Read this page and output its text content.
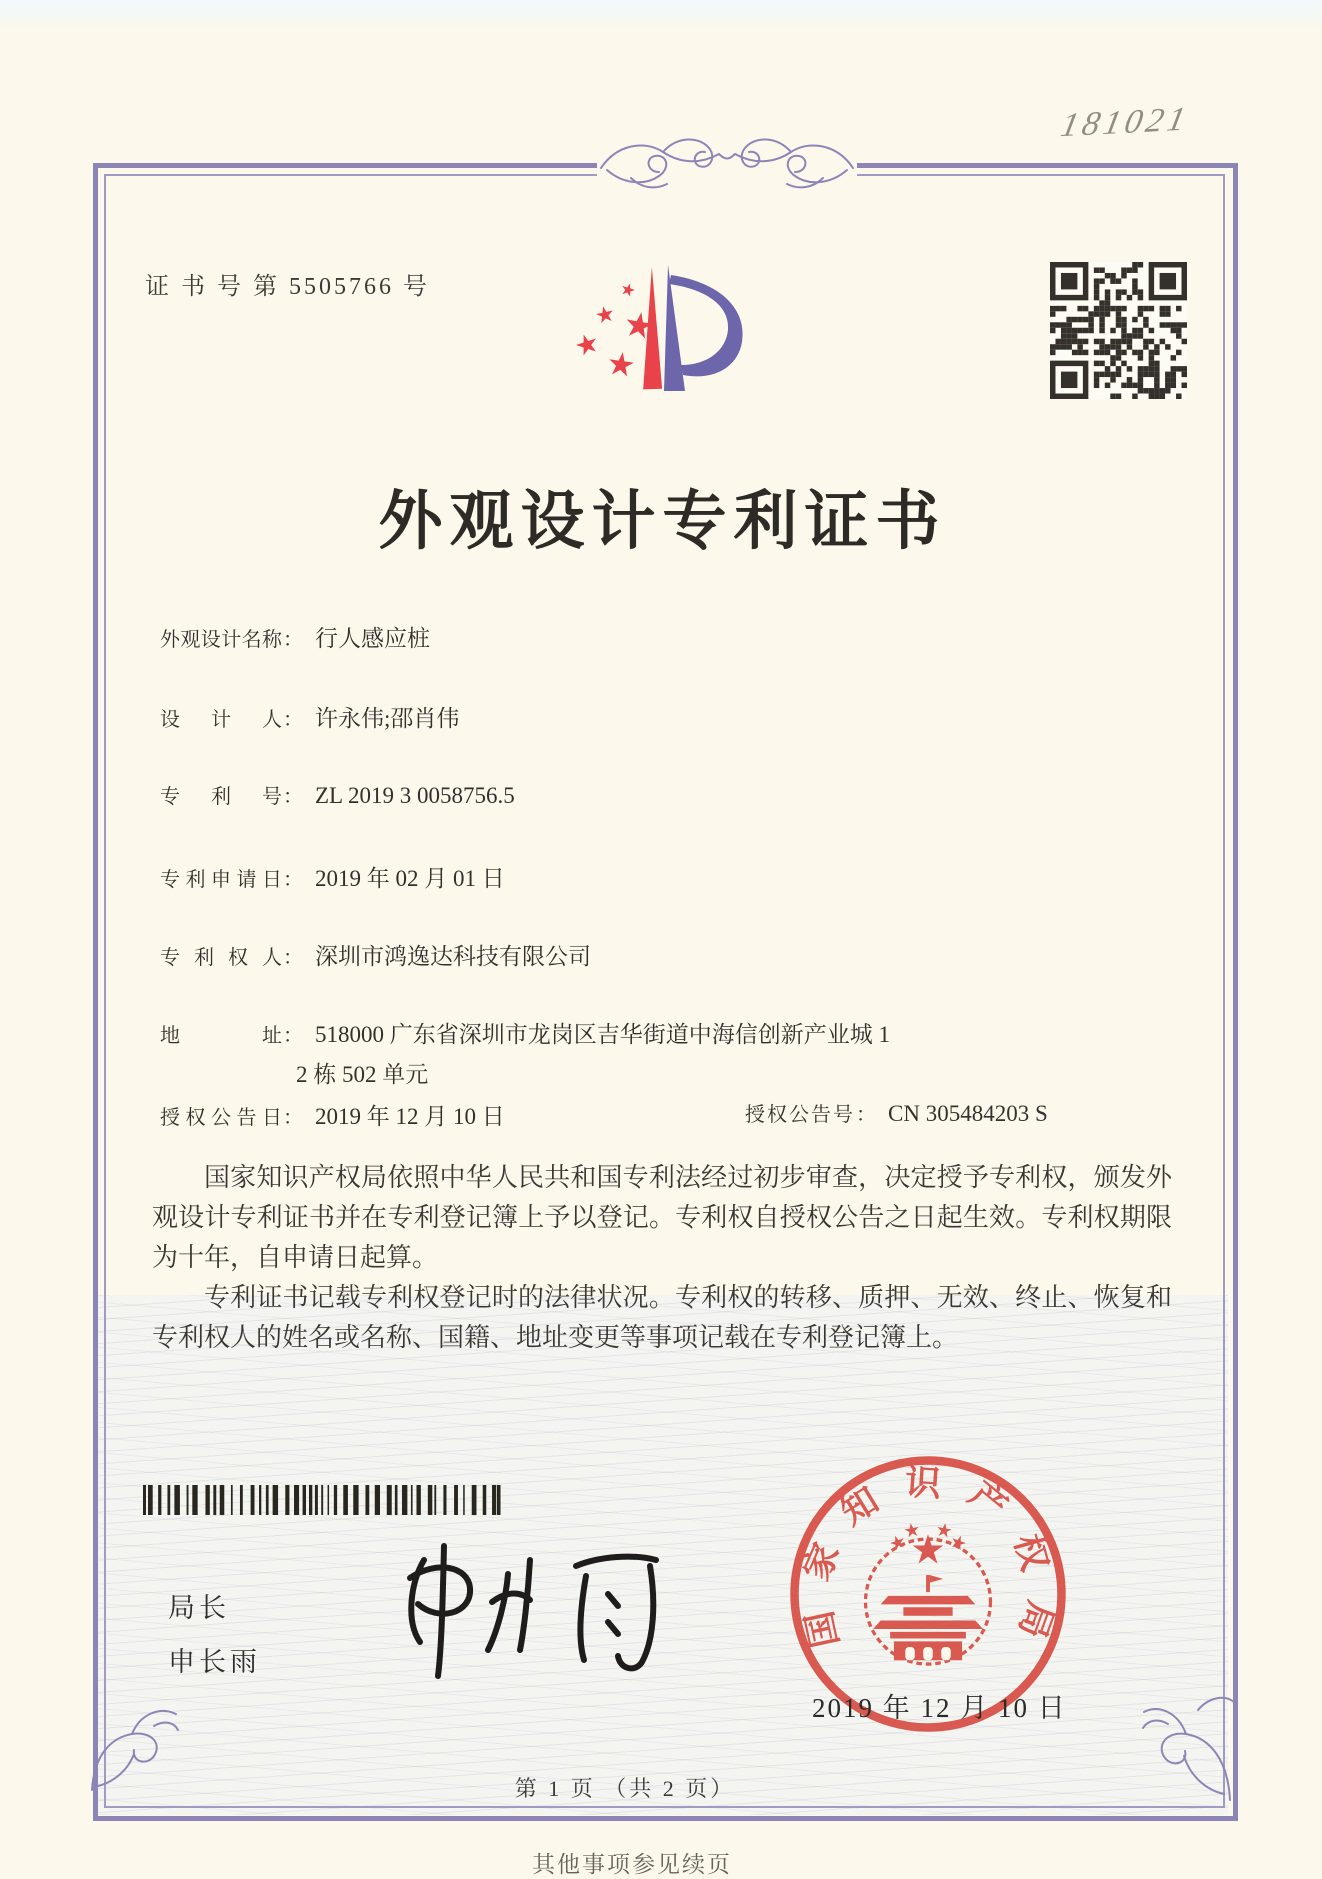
181021
证 书 号 第 5505766 号
外观设计专利证书
外观设计名称： 行人感应桩
设计人： 许永伟;邵肖伟
专利号： ZL 2019 3 0058756.5
专利申请日： 2019 年 02 月 01 日
专利权人： 深圳市鸿逸达科技有限公司
地址： 518000 广东省深圳市龙岗区吉华街道中海信创新产业城 1
2 栋 502 单元
授权公告日： 2019 年 12 月 10 日	授权公告号： CN 305484203 S

国家知识产权局依照中华人民共和国专利法经过初步审查，决定授予专利权，颁发外观设计专利证书并在专利登记簿上予以登记。专利权自授权公告之日起生效。专利权期限为十年，自申请日起算。

专利证书记载专利权登记时的法律状况。专利权的转移、质押、无效、终止、恢复和专利权人的姓名或名称、国籍、地址变更等事项记载在专利登记簿上。

局长
申长雨
国家知识产权局
2019 年 12 月 10 日
第 1 页 （共 2 页）
其他事项参见续页
